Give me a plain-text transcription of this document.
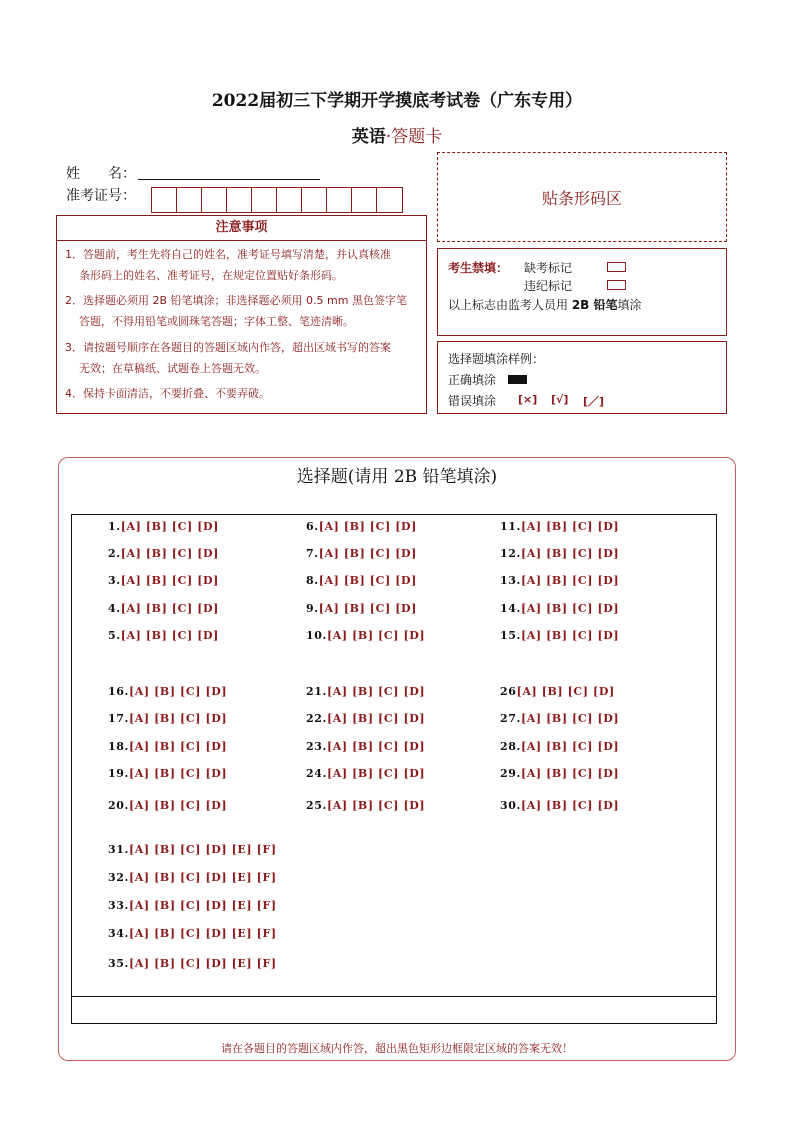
2022届初三下学期开学摸底考试卷（广东专用）
英语·答题卡
姓　　名：
准考证号：	贴条形码区
注意事项
1．答题前，考生先将自己的姓名，准考证号填写清楚，并认真核准
条形码上的姓名、准考证号，在规定位置贴好条形码。
2．选择题必须用 2B 铅笔填涂；非选择题必须用 0.5 mm 黑色签字笔
答题，不得用铅笔或圆珠笔答题；字体工整、笔迹清晰。
3．请按题号顺序在各题目的答题区域内作答，超出区域书写的答案
无效；在草稿纸、试题卷上答题无效。
4．保持卡面清洁，不要折叠、不要弄破。
考生禁填： 缺考标记
违纪标记
以上标志由监考人员用 2B 铅笔填涂
选择题填涂样例：
正确填涂
错误填涂 [×] [√] [／]
选择题(请用 2B 铅笔填涂)
1.[A] [B] [C] [D]
2.[A] [B] [C] [D]
3.[A] [B] [C] [D]
4.[A] [B] [C] [D]
5.[A] [B] [C] [D]
6.[A] [B] [C] [D]
7.[A] [B] [C] [D]
8.[A] [B] [C] [D]
9.[A] [B] [C] [D]
10.[A] [B] [C] [D]
11.[A] [B] [C] [D]
12.[A] [B] [C] [D]
13.[A] [B] [C] [D]
14.[A] [B] [C] [D]
15.[A] [B] [C] [D]
16.[A] [B] [C] [D]
17.[A] [B] [C] [D]
18.[A] [B] [C] [D]
19.[A] [B] [C] [D]
20.[A] [B] [C] [D]
21.[A] [B] [C] [D]
22.[A] [B] [C] [D]
23.[A] [B] [C] [D]
24.[A] [B] [C] [D]
25.[A] [B] [C] [D]
26[A] [B] [C] [D]
27.[A] [B] [C] [D]
28.[A] [B] [C] [D]
29.[A] [B] [C] [D]
30.[A] [B] [C] [D]
31.[A] [B] [C] [D] [E] [F]
32.[A] [B] [C] [D] [E] [F]
33.[A] [B] [C] [D] [E] [F]
34.[A] [B] [C] [D] [E] [F]
35.[A] [B] [C] [D] [E] [F]
请在各题目的答题区域内作答，超出黑色矩形边框限定区域的答案无效！
